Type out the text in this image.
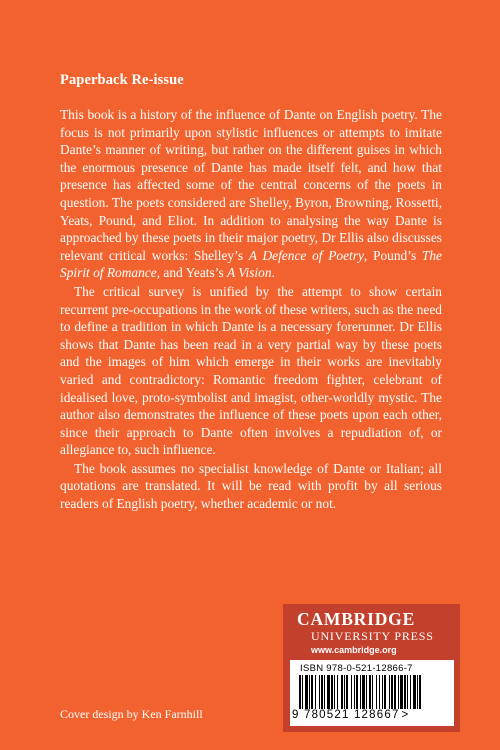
Paperback Re-issue

This book is a history of the influence of Dante on English poetry. The focus is not primarily upon stylistic influences or attempts to imitate Dante’s manner of writing, but rather on the different guises in which the enormous presence of Dante has made itself felt, and how that presence has affected some of the central concerns of the poets in question. The poets considered are Shelley, Byron, Browning, Rossetti, Yeats, Pound, and Eliot. In addition to analysing the way Dante is approached by these poets in their major poetry, Dr Ellis also discusses relevant critical works: Shelley’s A Defence of Poetry, Pound’s The Spirit of Romance, and Yeats’s A Vision.

The critical survey is unified by the attempt to show certain recurrent pre-occupations in the work of these writers, such as the need to define a tradition in which Dante is a necessary forerunner. Dr Ellis shows that Dante has been read in a very partial way by these poets and the images of him which emerge in their works are inevitably varied and contradictory: Romantic freedom fighter, celebrant of idealised love, proto-symbolist and imagist, other-worldly mystic. The author also demonstrates the influence of these poets upon each other, since their approach to Dante often involves a repudiation of, or allegiance to, such influence.

The book assumes no specialist knowledge of Dante or Italian; all quotations are translated. It will be read with profit by all serious readers of English poetry, whether academic or not.

CAMBRIDGE
UNIVERSITY PRESS
www.cambridge.org
ISBN 978-0-521-12866-7
9 780521 128667 >
Cover design by Ken Farnhill
